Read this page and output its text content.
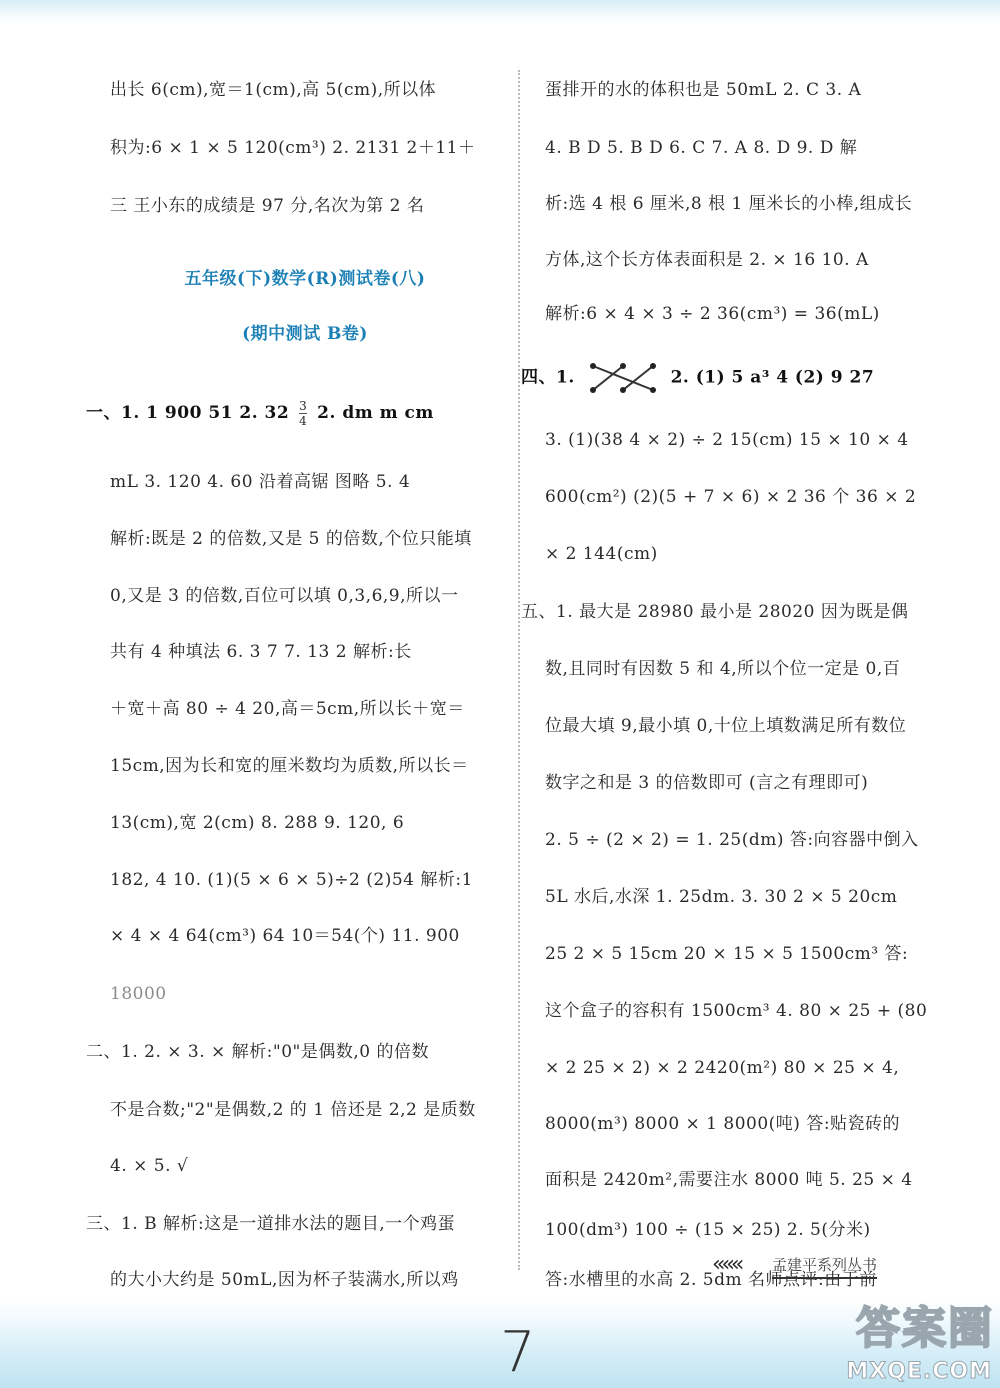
出长 6(cm),宽＝1(cm),高 5(cm),所以体
积为:6 × 1 × 5 120(cm³) 2. 2131 2＋11＋
三 王小东的成绩是 97 分,名次为第 2 名
五年级(下)数学(R)测试卷(八)
(期中测试 B卷)
一、1. 1 900 51 2. $32 \frac{3}{4} 2$. dm m cm
mL 3. 120 4. 60 沿着高锯 图略 5. 4
解析:既是 2 的倍数,又是 5 的倍数,个位只能填
0,又是 3 的倍数,百位可以填 0,3,6,9,所以一
共有 4 种填法 6. 3 7 7. 13 2 解析:长
＋宽＋高 80 ÷ 4 20,高＝5cm,所以长＋宽＝
15cm,因为长和宽的厘米数均为质数,所以长＝
13(cm),宽 2(cm) 8. 288 9. 120, 6
182, 4 10. (1)(5 × 6 × 5)÷2 (2)54 解析:1
× 4 × 4 64(cm³) 64 10＝54(个) 11. 900
18000
二、1. 2. × 3. × 解析:"0"是偶数,0 的倍数
不是合数;"2"是偶数,2 的 1 倍还是 2,2 是质数
4. × 5. √
三、1. B 解析:这是一道排水法的题目,一个鸡蛋
的大小大约是 50mL,因为杯子装满水,所以鸡
蛋排开的水的体积也是 50mL 2. C 3. A
4. B D 5. B D 6. C 7. A 8. D 9. D 解
析:选 4 根 6 厘米,8 根 1 厘米长的小棒,组成长
方体,这个长方体表面积是 2. × 16 10. A
解析:6 × 4 × 3 ÷ 2 36(cm³) = 36(mL)
四、1.	2. (1) 5 a³ 4 (2) 9 27
3. (1)(38 4 × 2) ÷ 2 15(cm) 15 × 10 × 4
600(cm²) (2)(5 + 7 × 6) × 2 36 个 36 × 2
× 2 144(cm)
五、1. 最大是 28980 最小是 28020 因为既是偶
数,且同时有因数 5 和 4,所以个位一定是 0,百
位最大填 9,最小填 0,十位上填数满足所有数位
数字之和是 3 的倍数即可 (言之有理即可)
2. 5 ÷ (2 × 2) = 1. 25(dm) 答:向容器中倒入
5L 水后,水深 1. 25dm. 3. 30 2 × 5 20cm
25 2 × 5 15cm 20 × 15 × 5 1500cm³ 答:
这个盒子的容积有 1500cm³ 4. 80 × 25 + (80
× 2 25 × 2) × 2 2420(m²) 80 × 25 × 4,
8000(m³) 8000 × 1 8000(吨) 答:贴瓷砖的
面积是 2420m²,需要注水 8000 吨 5. 25 × 4
100(dm³) 100 ÷ (15 × 25) 2. 5(分米)
答:水槽里的水高 2. 5dm 名师点评:由于前
««« 孟建平系列丛书
7	答案圈
MXQE.COM
